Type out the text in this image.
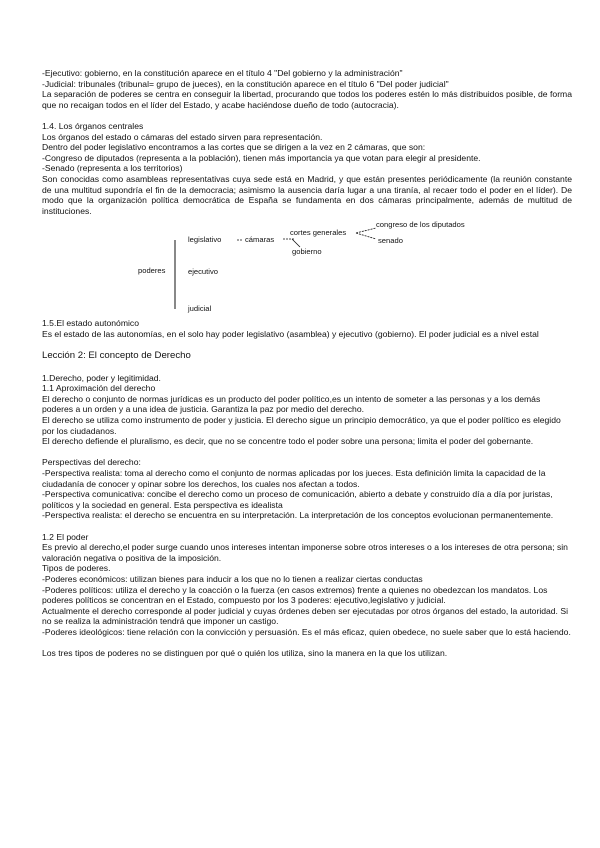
-Ejecutivo: gobierno, en la constitución aparece en el título 4 "Del gobierno y la administración"

-Judicial: tribunales (tribunal= grupo de jueces), en la constitución aparece en el título 6 "Del poder judicial"

La separación de poderes se centra en conseguir la libertad, procurando que todos los poderes estén lo más distribuidos posible, de forma que no recaigan todos en el líder del Estado, y acabe haciéndose dueño de todo (autocracia).

1.4. Los órganos centrales

Los órganos del estado o cámaras del estado sirven para representación.

Dentro del poder legislativo encontramos a las cortes que se dirigen a la vez en 2 cámaras, que son:

-Congreso de diputados (representa a la población), tienen más importancia ya que votan para elegir al presidente.

-Senado (representa a los territorios)

Son conocidas como asambleas representativas cuya sede está en Madrid, y que están presentes periódicamente (la reunión constante de una multitud supondría el fin de la democracia; asimismo la ausencia daría lugar a una tiranía, al recaer todo el poder en el líder). De modo que la organización política democrática de España se fundamenta en dos cámaras principalmente, además de multitud de instituciones.

poderes
legislativo	cámaras
cortes generales
congreso de los diputados
senado
gobierno
ejecutivo
judicial

1.5.El estado autonómico

Es el estado de las autonomías, en el solo hay poder legislativo (asamblea) y ejecutivo (gobierno). El poder judicial es a nivel estal

Lección 2: El concepto de Derecho

1.Derecho, poder y legitimidad.

1.1 Aproximación del derecho

El derecho o conjunto de normas jurídicas es un producto del poder político,es un intento de someter a las personas y a los demás poderes a un orden y a una idea de justicia. Garantiza la paz por medio del derecho.

El derecho se utiliza como instrumento de poder y justicia. El derecho sigue un principio democrático, ya que el poder político es elegido por los ciudadanos.

El derecho defiende el pluralismo, es decir, que no se concentre todo el poder sobre una persona; limita el poder del gobernante.

Perspectivas del derecho:

-Perspectiva realista: toma al derecho como el conjunto de normas aplicadas por los jueces. Esta definición limita la capacidad de la ciudadanía de conocer y opinar sobre los derechos, los cuales nos afectan a todos.

-Perspectiva comunicativa: concibe el derecho como un proceso de comunicación, abierto a debate y construido día a día por juristas, políticos y la sociedad en general. Esta perspectiva es idealista

-Perspectiva realista: el derecho se encuentra en su interpretación. La interpretación de los conceptos evolucionan permanentemente.

1.2 El poder

Es previo al derecho,el poder surge cuando unos intereses intentan imponerse sobre otros intereses o a los intereses de otra persona; sin valoración negativa o positiva de la imposición.

Tipos de poderes.

-Poderes económicos: utilizan bienes para inducir a los que no lo tienen a realizar ciertas conductas

-Poderes políticos: utiliza el derecho y la coacción o la fuerza (en casos extremos) frente a quienes no obedezcan los mandatos. Los poderes políticos se concentran en el Estado, compuesto por los 3 poderes: ejecutivo,legislativo y judicial.

Actualmente el derecho corresponde al poder judicial y cuyas órdenes deben ser ejecutadas por otros órganos del estado, la autoridad. Si no se realiza la administración tendrá que imponer un castigo.

-Poderes ideológicos: tiene relación con la convicción y persuasión. Es el más eficaz, quien obedece, no suele saber que lo está haciendo.

Los tres tipos de poderes no se distinguen por qué o quién los utiliza, sino la manera en la que los utilizan.
